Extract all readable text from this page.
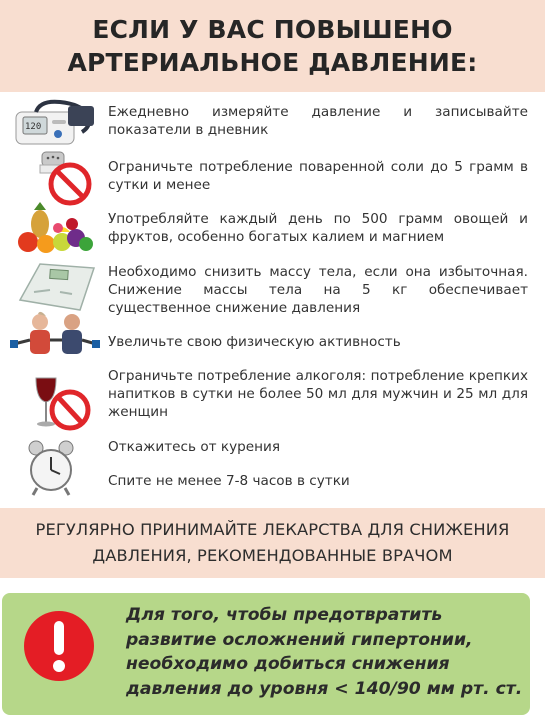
ЕСЛИ У ВАС ПОВЫШЕНО
АРТЕРИАЛЬНОЕ ДАВЛЕНИЕ:
120
Ежедневно измеряйте давление и записывайте показатели в дневник
Ограничьте потребление поваренной соли до 5 грамм в сутки и менее
Употребляйте каждый день по 500 грамм овощей и фруктов, особенно богатых калием и магнием
Необходимо снизить массу тела, если она избыточная. Снижение массы тела на 5 кг обеспечивает существенное снижение давления
Увеличьте свою физическую активность
Ограничьте потребление алкоголя: потребление крепких напитков в сутки не более 50 мл для мужчин и 25 мл для женщин
Откажитесь от курения
Спите не менее 7-8 часов в сутки
РЕГУЛЯРНО ПРИНИМАЙТЕ ЛЕКАРСТВА ДЛЯ СНИЖЕНИЯ
ДАВЛЕНИЯ, РЕКОМЕНДОВАННЫЕ ВРАЧОМ
Для того, чтобы предотвратить
развитие осложнений гипертонии,
необходимо добиться снижения
давления до уровня < 140/90 мм рт. ст.
